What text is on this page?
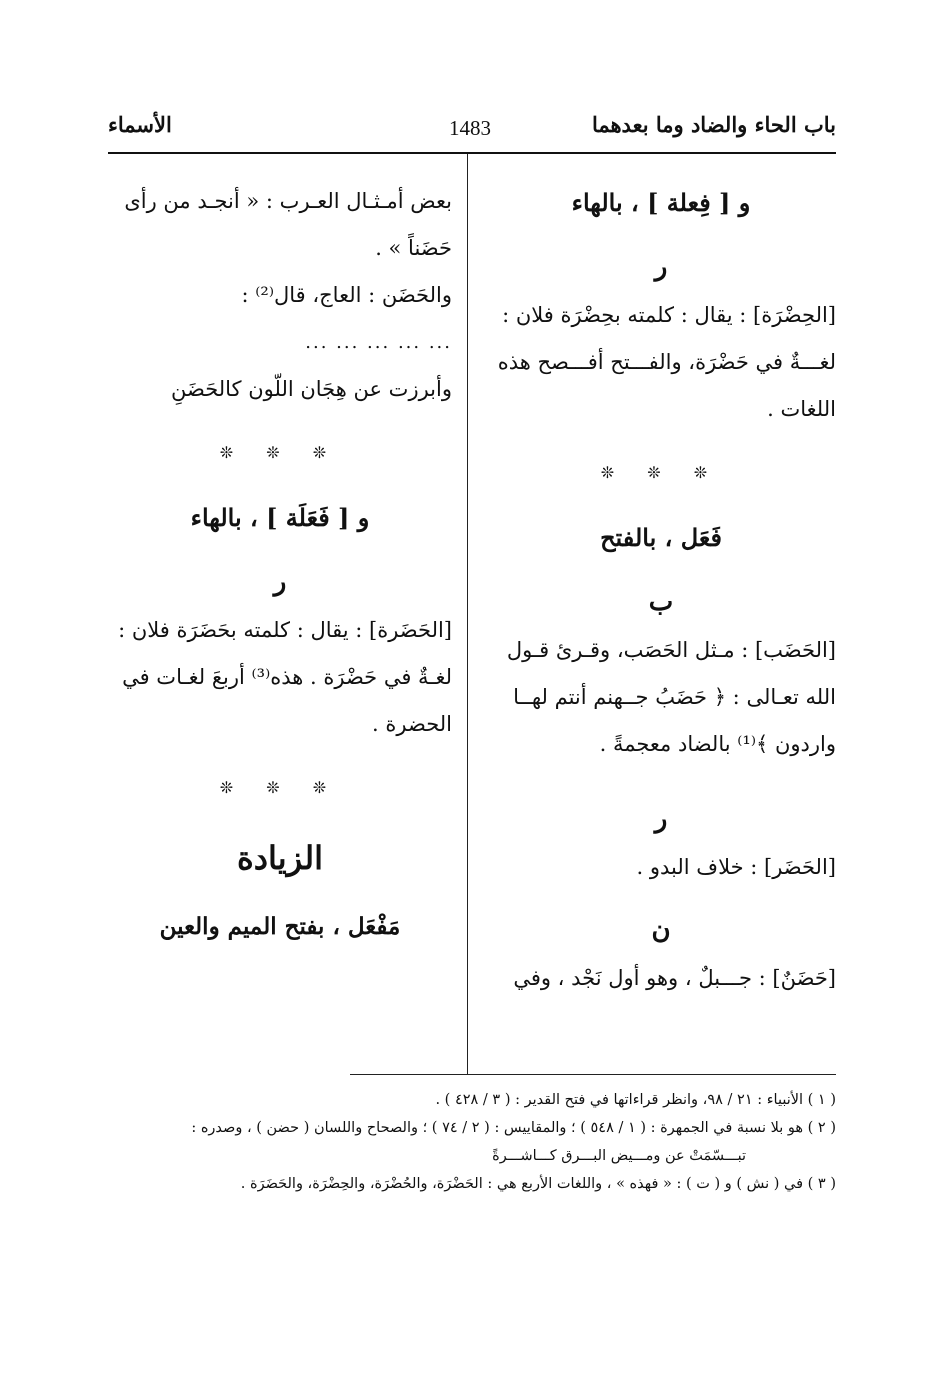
باب الحاء والضاد وما بعدهما
1483
الأسماء

و [ فِعلة ] ، بالهاء

ر

[الحِضْرَة] : يقال : كلمته بحِضْرَة فلان :

لغـــةٌ في حَضْرَة، والفـــتح أفـــصح هذه

اللغات .

❊ ❊ ❊

فَعَل ، بالفتح

ب

[الحَضَب] : مـثل الحَصَب، وقـرئ قـول

الله تعـالى : ﴿ حَضَبُ جــهنم أنتم لهــا

واردون ﴾⁽¹⁾ بالضاد معجمةً .

ر

[الحَضَر] : خلاف البدو .

ن

[حَضَنٌ] : جـــبلٌ ، وهو أول نَجْد ، وفي

بعض أمـثـال العـرب : « أنجـد من رأى

حَضَناً » .

والحَضَن : العاج، قال⁽²⁾ :

... ... ... ... ...

وأبرزت عن هِجَان اللّون كالحَضَنِ

❊ ❊ ❊

و [ فَعَلَة ] ، بالهاء

ر

[الحَضَرة] : يقال : كلمته بحَضَرَة فلان :

لغـةٌ في حَضْرَة . هذه⁽³⁾ أربعَ لغـات في

الحضرة .

❊ ❊ ❊

الزيادة

مَفْعَل ، بفتح الميم والعين

( ١ ) الأنبياء : ٢١ / ٩٨، وانظر قراءاتها في فتح القدير : ( ٣ / ٤٢٨ ) .

( ٢ ) هو بلا نسبة في الجمهرة : ( ١ / ٥٤٨ ) ؛ والمقاييس : ( ٢ / ٧٤ ) ؛ والصحاح واللسان ( حضن ) ، وصدره :

تبـــسّمَتْ عن ومـــيض البـــرق كـــاشـــرةً

( ٣ ) في ( نش ) و ( ت ) : « فهذه » ، واللغات الأربع هي : الحَضْرَة، والحُضْرَة، والحِضْرَة، والحَضَرَة .
